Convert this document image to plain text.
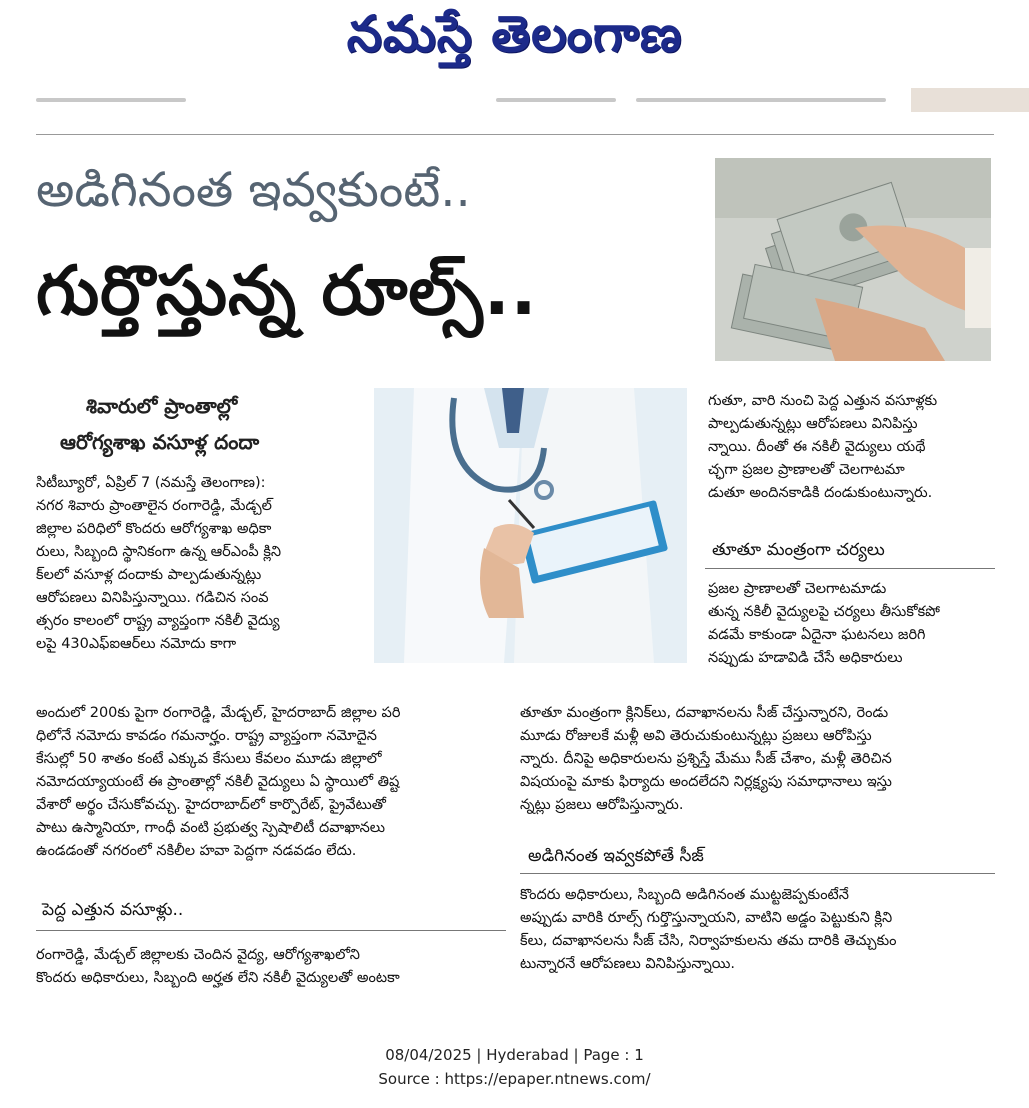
నమస్తే తెలంగాణ
అడిగినంత ఇవ్వకుంటే..
గుర్తొస్తున్న రూల్స్..
శివారులో ప్రాంతాల్లో
ఆరోగ్యశాఖ వసూళ్ల దందా
సిటీబ్యూరో, ఏప్రిల్ 7 (నమస్తే తెలంగాణ):
నగర శివారు ప్రాంతాలైన రంగారెడ్డి, మేడ్చల్
జిల్లాల పరిధిలో కొందరు ఆరోగ్యశాఖ అధికా
రులు, సిబ్బంది స్థానికంగా ఉన్న ఆర్ఎంపీ క్లిని
క్‌లలో వసూళ్ల దందాకు పాల్పడుతున్నట్లు
ఆరోపణలు వినిపిస్తున్నాయి. గడిచిన సంవ
త్సరం కాలంలో రాష్ట్ర వ్యాప్తంగా నకిలీ వైద్యు
లపై 430ఎఫ్ఐఆర్‌లు నమోదు కాగా
అందులో 200కు పైగా రంగారెడ్డి, మేడ్చల్, హైదరాబాద్ జిల్లాల పరి
ధిలోనే నమోదు కావడం గమనార్హం. రాష్ట్ర వ్యాప్తంగా నమోదైన
కేసుల్లో 50 శాతం కంటే ఎక్కువ కేసులు కేవలం మూడు జిల్లాలో
నమోదయ్యాయంటే ఈ ప్రాంతాల్లో నకిలీ వైద్యులు ఏ స్థాయిలో తిష్ట
వేశారో అర్థం చేసుకోవచ్చు. హైదరాబాద్‌లో కార్పొరేట్, ప్రైవేటుతో
పాటు ఉస్మానియా, గాంధీ వంటి ప్రభుత్వ స్పెషాలిటీ దవాఖానలు
ఉండడంతో నగరంలో నకిలీల హవా పెద్దగా నడవడం లేదు.
పెద్ద ఎత్తున వసూళ్లు..
రంగారెడ్డి, మేడ్చల్ జిల్లాలకు చెందిన వైద్య, ఆరోగ్యశాఖలోని
కొందరు అధికారులు, సిబ్బంది అర్హత లేని నకిలీ వైద్యులతో అంటకా
గుతూ, వారి నుంచి పెద్ద ఎత్తున వసూళ్లకు
పాల్పడుతున్నట్లు ఆరోపణలు వినిపిస్తు
న్నాయి. దీంతో ఈ నకిలీ వైద్యులు యథే
చ్ఛగా ప్రజల ప్రాణాలతో చెలగాటమా
డుతూ అందినకాడికి దండుకుంటున్నారు.
తూతూ మంత్రంగా చర్యలు
ప్రజల ప్రాణాలతో చెలగాటమాడు
తున్న నకిలీ వైద్యులపై చర్యలు తీసుకోకపో
వడమే కాకుండా ఏదైనా ఘటనలు జరిగి
నప్పుడు హడావిడి చేసే అధికారులు
తూతూ మంత్రంగా క్లినిక్‌లు, దవాఖానలను సీజ్ చేస్తున్నారని, రెండు
మూడు రోజులకే మళ్లీ అవి తెరుచుకుంటున్నట్లు ప్రజలు ఆరోపిస్తు
న్నారు. దీనిపై అధికారులను ప్రశ్నిస్తే మేము సీజ్ చేశాం, మళ్లీ తెరిచిన
విషయంపై మాకు ఫిర్యాదు అందలేదని నిర్లక్ష్యపు సమాధానాలు ఇస్తు
న్నట్లు ప్రజలు ఆరోపిస్తున్నారు.
అడిగినంత ఇవ్వకపోతే సీజ్
కొందరు అధికారులు, సిబ్బంది అడిగినంత ముట్టజెప్పకుంటేనే
అప్పుడు వారికి రూల్స్ గుర్తొస్తున్నాయని, వాటిని అడ్డం పెట్టుకుని క్లిని
క్‌లు, దవాఖానలను సీజ్ చేసి, నిర్వాహకులను తమ దారికి తెచ్చుకుం
టున్నారనే ఆరోపణలు వినిపిస్తున్నాయి.
08/04/2025 | Hyderabad | Page : 1
Source : https://epaper.ntnews.com/
